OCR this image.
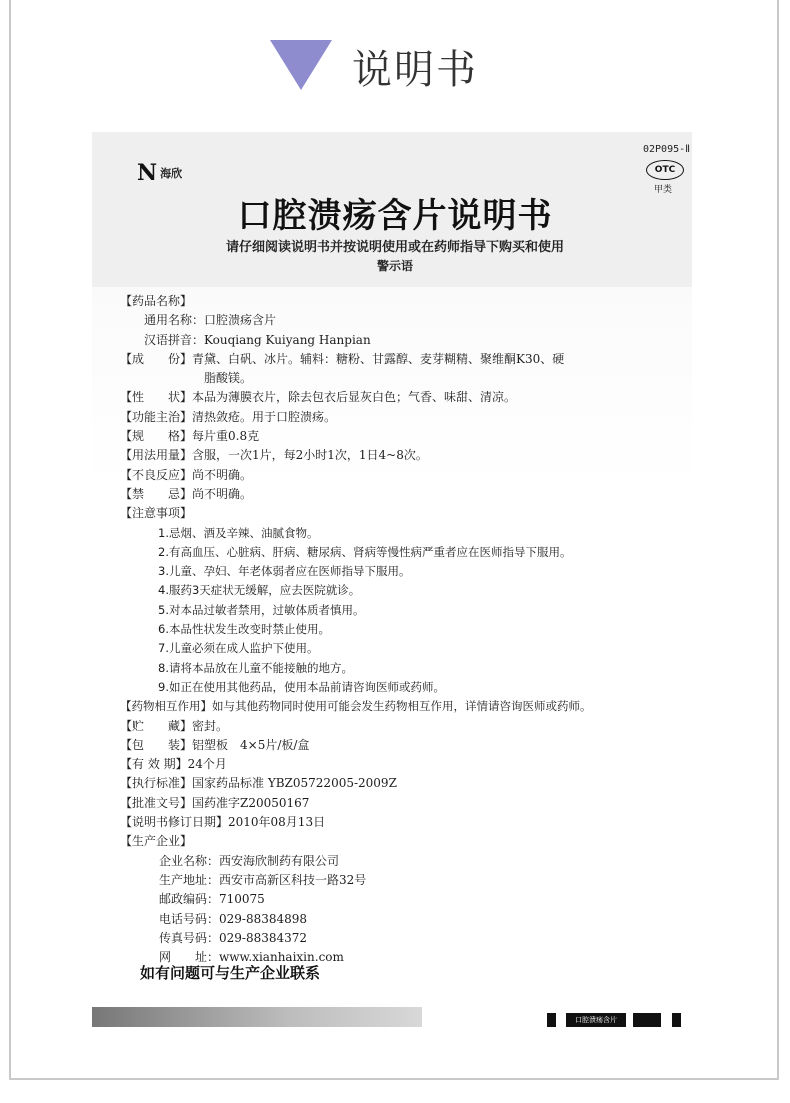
说明书
N 海欣
02P095-Ⅱ
OTC
甲类
口腔溃疡含片说明书
请仔细阅读说明书并按说明使用或在药师指导下购买和使用
警示语
【药品名称】
通用名称：口腔溃疡含片
汉语拼音：Kouqiang Kuiyang Hanpian
【成　　份】青黛、白矾、冰片。辅料：糖粉、甘露醇、麦芽糊精、聚维酮K30、硬
脂酸镁。
【性　　状】本品为薄膜衣片，除去包衣后显灰白色；气香、味甜、清凉。
【功能主治】清热敛疮。用于口腔溃疡。
【规　　格】每片重0.8克
【用法用量】含服，一次1片，每2小时1次，1日4~8次。
【不良反应】尚不明确。
【禁　　忌】尚不明确。
【注意事项】
1.忌烟、酒及辛辣、油腻食物。
2.有高血压、心脏病、肝病、糖尿病、肾病等慢性病严重者应在医师指导下服用。
3.儿童、孕妇、年老体弱者应在医师指导下服用。
4.服药3天症状无缓解，应去医院就诊。
5.对本品过敏者禁用，过敏体质者慎用。
6.本品性状发生改变时禁止使用。
7.儿童必须在成人监护下使用。
8.请将本品放在儿童不能接触的地方。
9.如正在使用其他药品，使用本品前请咨询医师或药师。
【药物相互作用】如与其他药物同时使用可能会发生药物相互作用，详情请咨询医师或药师。
【贮　　藏】密封。
【包　　装】铝塑板　4×5片/板/盒
【有 效 期】24个月
【执行标准】国家药品标准 YBZ05722005-2009Z
【批准文号】国药准字Z20050167
【说明书修订日期】2010年08月13日
【生产企业】
企业名称：西安海欣制药有限公司
生产地址：西安市高新区科技一路32号
邮政编码：710075
电话号码：029-88384898
传真号码：029-88384372
网　　址：www.xianhaixin.com
如有问题可与生产企业联系
口腔溃疡含片
